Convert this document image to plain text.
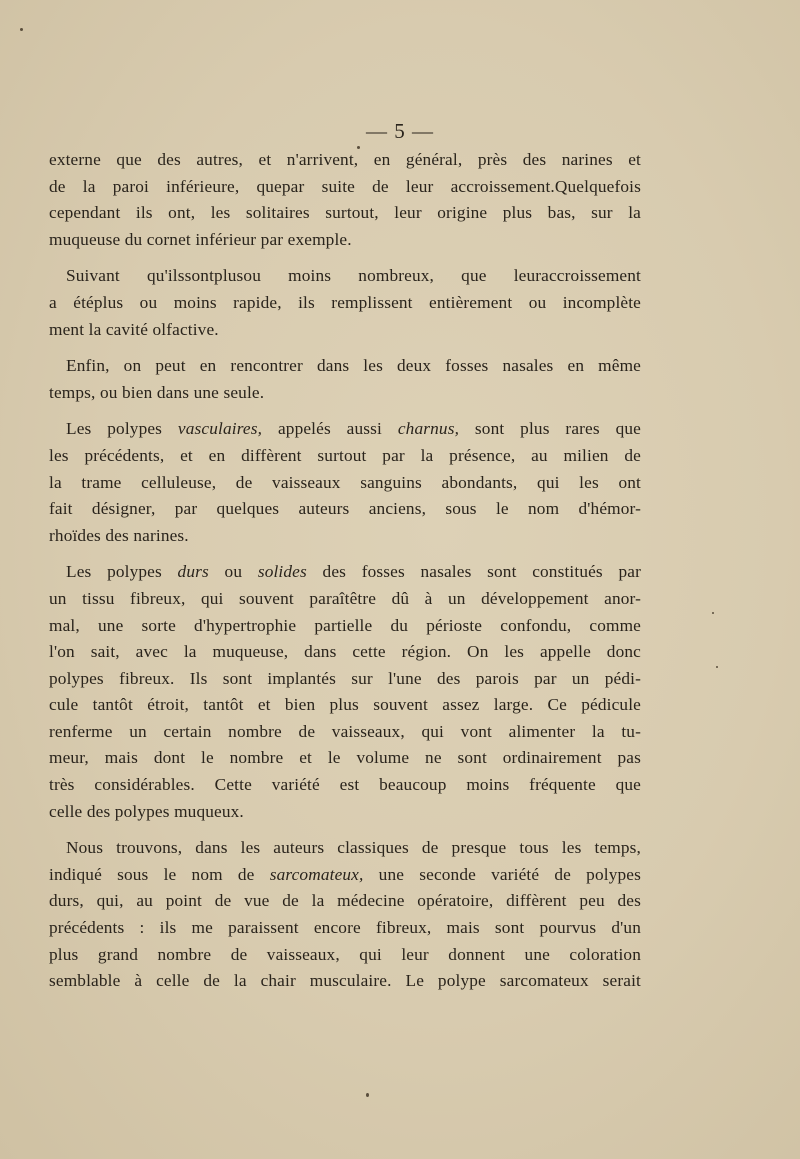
— 5 —

externe que des autres, et n'arrivent, en général, près des narines et
de la paroi inférieure, quepar suite de leur accroissement.Quelquefois
cependant ils ont, les solitaires surtout, leur origine plus bas, sur la
muqueuse du cornet inférieur par exemple.

Suivant qu'ilssontplusou moins nombreux, que leuraccroissement
a étéplus ou moins rapide, ils remplissent entièrement ou incomplète
ment la cavité olfactive.

Enfin, on peut en rencontrer dans les deux fosses nasales en même
temps, ou bien dans une seule.

Les polypes vasculaires, appelés aussi charnus, sont plus rares que
les précédents, et en diffèrent surtout par la présence, au milien de
la trame celluleuse, de vaisseaux sanguins abondants, qui les ont
fait désigner, par quelques auteurs anciens, sous le nom d'hémor-
rhoïdes des narines.

Les polypes durs ou solides des fosses nasales sont constitués par
un tissu fibreux, qui souvent paraîtêtre dû à un développement anor-
mal, une sorte d'hypertrophie partielle du périoste confondu, comme
l'on sait, avec la muqueuse, dans cette région. On les appelle donc
polypes fibreux. Ils sont implantés sur l'une des parois par un pédi-
cule tantôt étroit, tantôt et bien plus souvent assez large. Ce pédicule
renferme un certain nombre de vaisseaux, qui vont alimenter la tu-
meur, mais dont le nombre et le volume ne sont ordinairement pas
très considérables. Cette variété est beaucoup moins fréquente que
celle des polypes muqueux.

Nous trouvons, dans les auteurs classiques de presque tous les temps,
indiqué sous le nom de sarcomateux, une seconde variété de polypes
durs, qui, au point de vue de la médecine opératoire, diffèrent peu des
précédents : ils me paraissent encore fibreux, mais sont pourvus d'un
plus grand nombre de vaisseaux, qui leur donnent une coloration
semblable à celle de la chair musculaire. Le polype sarcomateux serait
